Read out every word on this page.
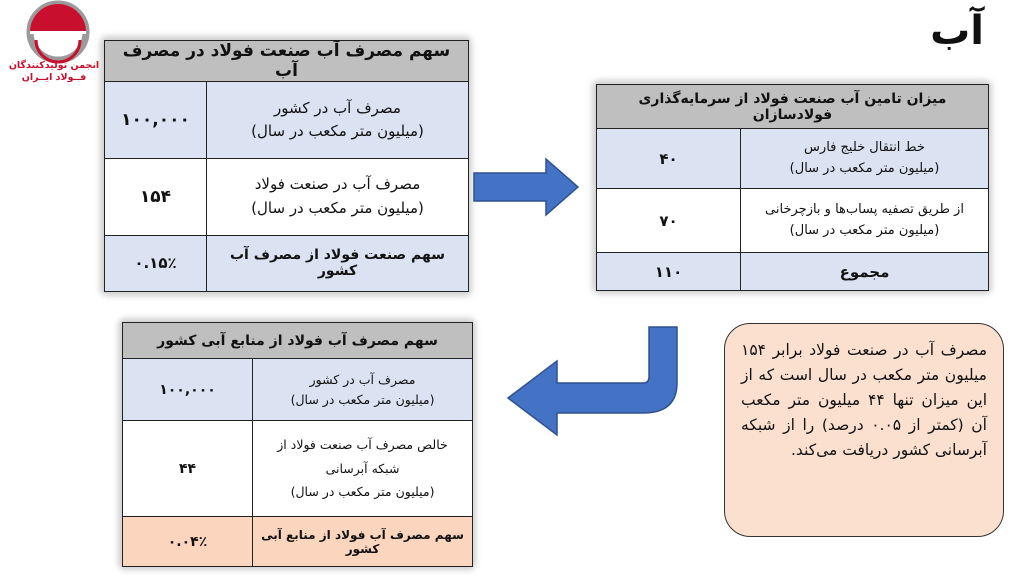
آب
انجمن تولیدکنندگان
فــولاد ایــران
سهم مصرف آب صنعت فولاد در مصرف آب	

مصرف آب در کشور
(میلیون متر مکعب در سال)	۱۰۰,۰۰۰

مصرف آب در صنعت فولاد
(میلیون متر مکعب در سال)	۱۵۴
سهم صنعت فولاد از مصرف آب کشور	۰.۱۵٪
میزان تامین آب صنعت فولاد از سرمایه‌گذاری فولادسازان	

خط انتقال خلیج فارس
(میلیون متر مکعب در سال)	۴۰

از طریق تصفیه پساب‌ها و بازچرخانی
(میلیون متر مکعب در سال)	۷۰
مجموع	۱۱۰
سهم مصرف آب فولاد از منابع آبی کشور	

مصرف آب در کشور
(میلیون متر مکعب در سال)	۱۰۰,۰۰۰

خالص مصرف آب صنعت فولاد از
شبکه آبرسانی
(میلیون متر مکعب در سال)	۴۴
سهم مصرف آب فولاد از منابع آبی کشور	۰.۰۴٪
مصرف آب در صنعت فولاد برابر ۱۵۴ میلیون متر مکعب در سال است که از این میزان تنها ۴۴ میلیون متر مکعب آن (کمتر از ۰.۰۵ درصد) را از شبکه آبرسانی کشور دریافت می‌کند.
